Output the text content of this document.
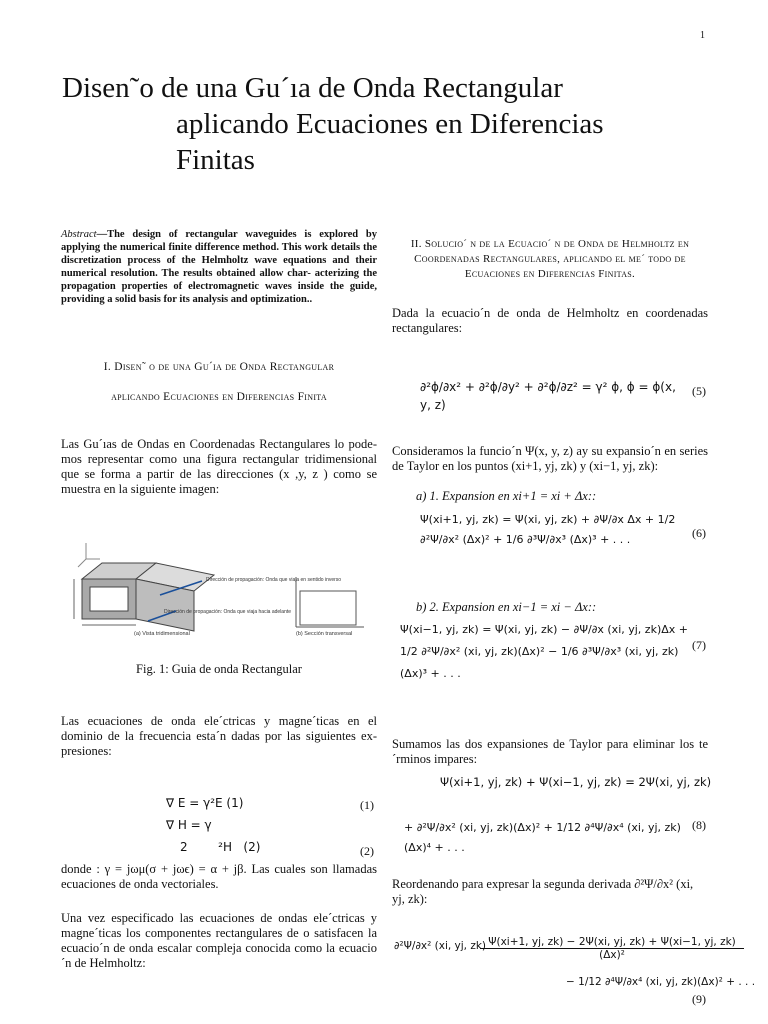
1
Disen˜o de una Gu´ıa de Onda Rectangular
aplicando Ecuaciones en Diferencias
Finitas
Abstract—The design of rectangular waveguides is explored by applying the numerical finite difference method. This work details the discretization process of the Helmholtz wave equations and their numerical resolution. The results obtained allow char- acterizing the propagation properties of electromagnetic waves inside the guide, providing a solid basis for its analysis and optimization..
I. Disen˜ o de una Gu´ia de Onda Rectangular
aplicando Ecuaciones en Diferencias Finita
Las Gu´ıas de Ondas en Coordenadas Rectangulares lo pode- mos representar como una figura rectangular tridimensional que se forma a partir de las direcciones (x ,y, z ) como se muestra en la siguiente imagen:
Dirección de propagación: Onda que viaja en sentido inverso
Dirección de propagación: Onda que viaja hacia adelante
(a) Vista tridimensional	(b) Sección transversal
Fig. 1: Guia de onda Rectangular
Las ecuaciones de onda ele´ctricas y magne´ticas en el dominio de la frecuencia esta´n dadas por las siguientes ex- presiones:
∇ E = γ²E (1)	(1)
∇ H = γ
2        ²H   (2)	(2)
donde : γ = jωμ(σ + jωϵ) = α + jβ. Las cuales son llamadas ecuaciones de onda vectoriales.
Una vez especificado las ecuaciones de ondas ele´ctricas y magne´ticas los componentes rectangulares de o satisfacen la ecuacio´n de onda escalar compleja conocida como la ecuacio ´n de Helmholtz:
II. Solucio´ n de la Ecuacio´ n de Onda de Helmholtz en Coordenadas Rectangulares, aplicando el me´ todo de Ecuaciones en Diferencias Finitas.
Dada la ecuacio´n de onda de Helmholtz en coordenadas rectangulares:
∂²ϕ/∂x² + ∂²ϕ/∂y² + ∂²ϕ/∂z² = γ² ϕ, ϕ = ϕ(x, y, z)
(5)
Consideramos la funcio´n Ψ(x, y, z) ay su expansio´n en series de Taylor en los puntos (xi+1, yj, zk) y (xi−1, yj, zk):
a) 1. Expansion en xi+1 = xi + Δx::
Ψ(xi+1, yj, zk) = Ψ(xi, yj, zk) + ∂Ψ/∂x Δx + 1/2 ∂²Ψ/∂x² (Δx)² + 1/6 ∂³Ψ/∂x³ (Δx)³ + . . .	(6)
b) 2. Expansion en xi−1 = xi − Δx::
Ψ(xi−1, yj, zk) = Ψ(xi, yj, zk) − ∂Ψ/∂x (xi, yj, zk)Δx + 1/2 ∂²Ψ/∂x² (xi, yj, zk)(Δx)² − 1/6 ∂³Ψ/∂x³ (xi, yj, zk)(Δx)³ + . . .
(7)
Sumamos las dos expansiones de Taylor para eliminar los te ´rminos impares:
Ψ(xi+1, yj, zk) + Ψ(xi−1, yj, zk) = 2Ψ(xi, yj, zk)
+ ∂²Ψ/∂x² (xi, yj, zk)(Δx)² + 1/12 ∂⁴Ψ/∂x⁴ (xi, yj, zk)(Δx)⁴ + . . .
(8)
Reordenando para expresar la segunda derivada ∂²Ψ/∂x² (xi, yj, zk):
∂²Ψ/∂x² (xi, yj, zk)
$\frac{\Psi(xi+1, yj, zk) - 2\Psi(xi, yj, zk) + \Psi(xi-1, yj, zk)}{\text{(Δx)²}}$
− 1/12 ∂⁴Ψ/∂x⁴ (xi, yj, zk)(Δx)² + . . .
(9)
